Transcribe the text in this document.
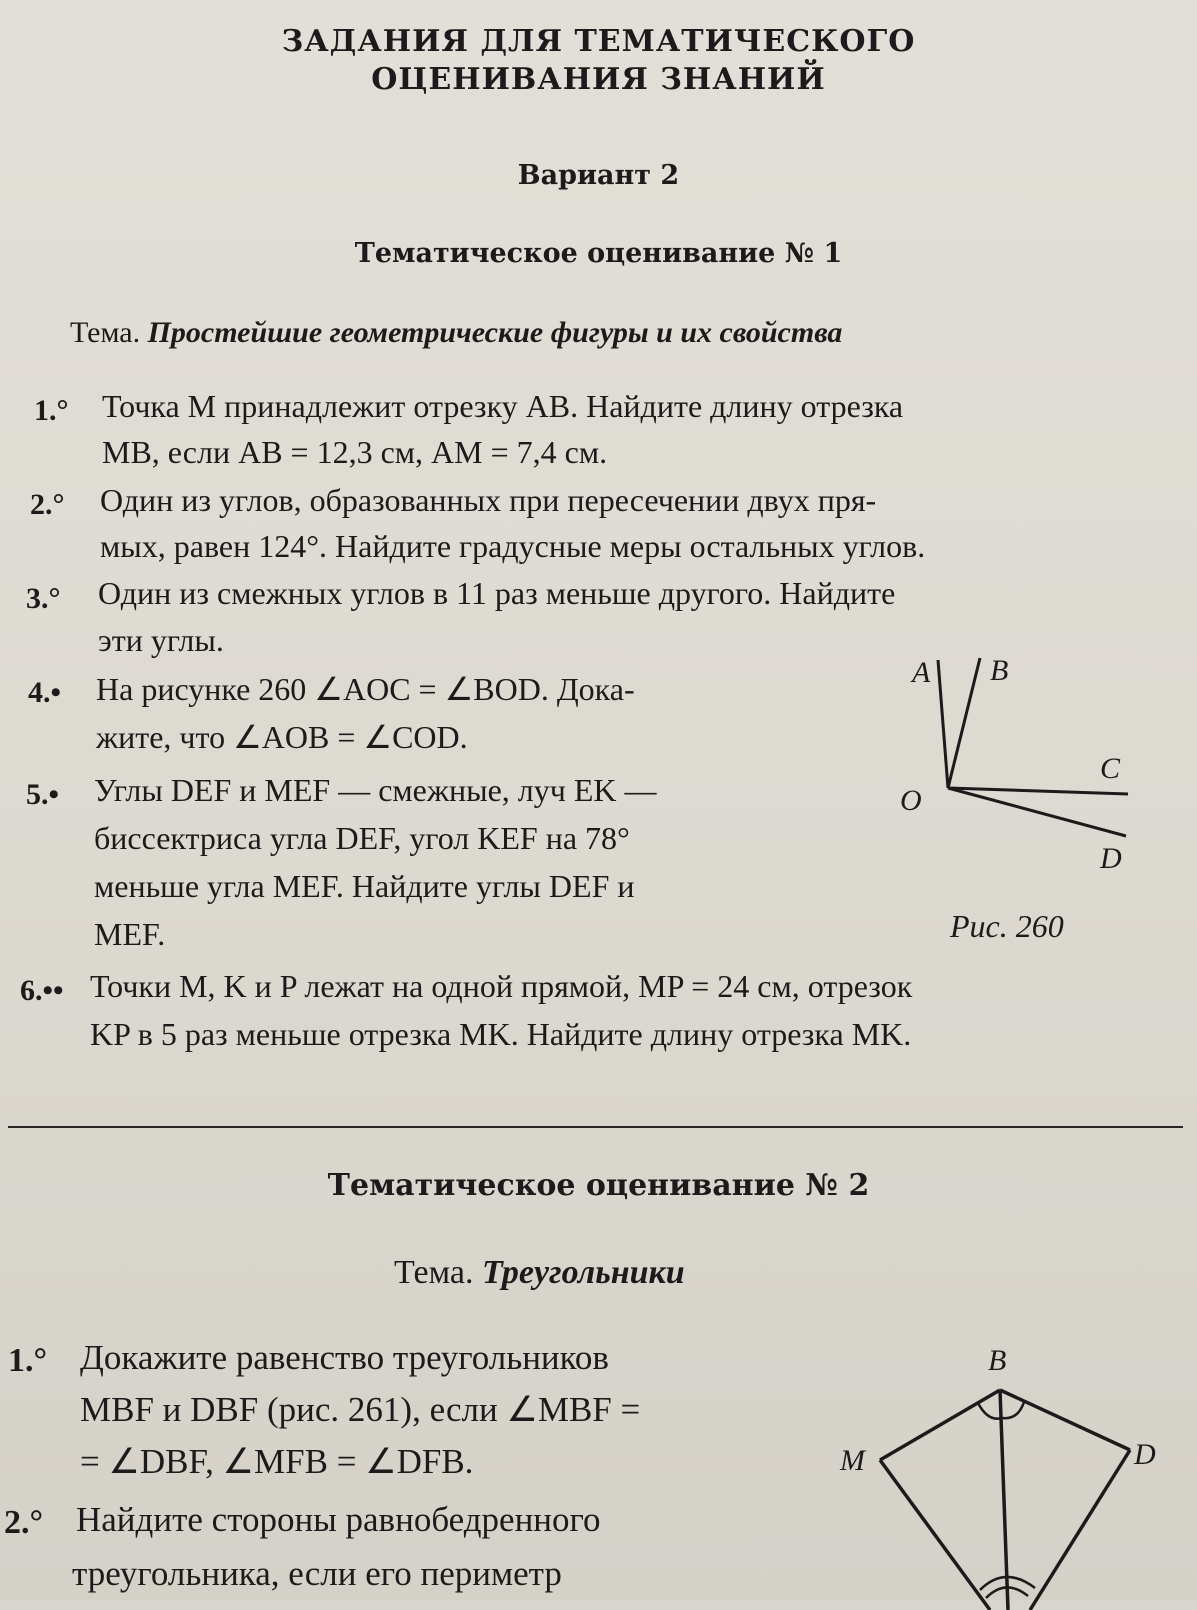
ЗАДАНИЯ ДЛЯ ТЕМАТИЧЕСКОГО
ОЦЕНИВАНИЯ ЗНАНИЙ
Вариант 2
Тематическое оценивание № 1
Тема. Простейшие геометрические фигуры и их свойства
1.° Точка M принадлежит отрезку AB. Найдите длину отрезка
MB, если AB = 12,3 см, AM = 7,4 см.
2.° Один из углов, образованных при пересечении двух пря-
мых, равен 124°. Найдите градусные меры остальных углов.
3.° Один из смежных углов в 11 раз меньше другого. Найдите
эти углы.
4.• На рисунке 260 ∠AOC = ∠BOD. Дока-
жите, что ∠AOB = ∠COD.
5.• Углы DEF и MEF — смежные, луч EK —
биссектриса угла DEF, угол KEF на 78°
меньше угла MEF. Найдите углы DEF и
MEF.
A B
C
O
D
Рис. 260
6.•• Точки M, K и P лежат на одной прямой, MP = 24 см, отрезок
KP в 5 раз меньше отрезка MK. Найдите длину отрезка MK.
Тематическое оценивание № 2
Тема. Треугольники
1.° Докажите равенство треугольников
MBF и DBF (рис. 261), если ∠MBF =
= ∠DBF, ∠MFB = ∠DFB.
2.° Найдите стороны равнобедренного
треугольника, если его периметр
B
M	D
